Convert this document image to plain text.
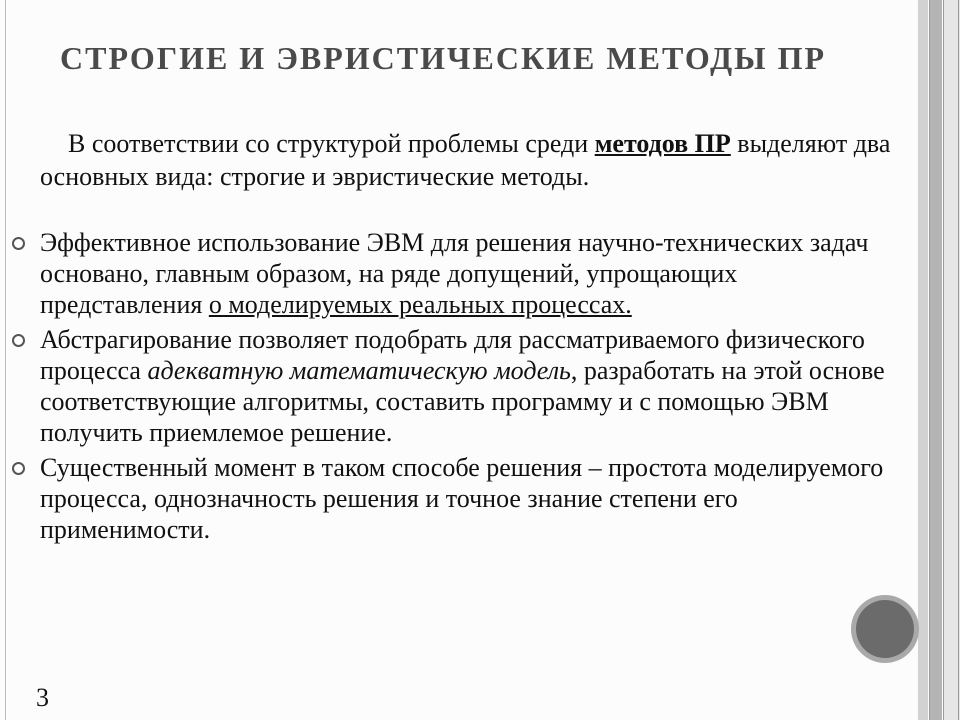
СТРОГИЕ И ЭВРИСТИЧЕСКИЕ МЕТОДЫ ПР

В соответствии со структурой проблемы среди методов ПР выделяют два основных вида: строгие и эвристические методы.

Эффективное использование ЭВМ для решения научно-технических задач основано, главным образом, на ряде допущений, упрощающих представления о моделируемых реальных процессах.
Абстрагирование позволяет подобрать для рассматриваемого физического процесса адекватную математическую модель, разработать на этой основе соответствующие алгоритмы, составить программу и с помощью ЭВМ получить приемлемое решение.
Существенный момент в таком способе решения – простота моделируемого процесса, однозначность решения и точное знание степени его применимости.
3
